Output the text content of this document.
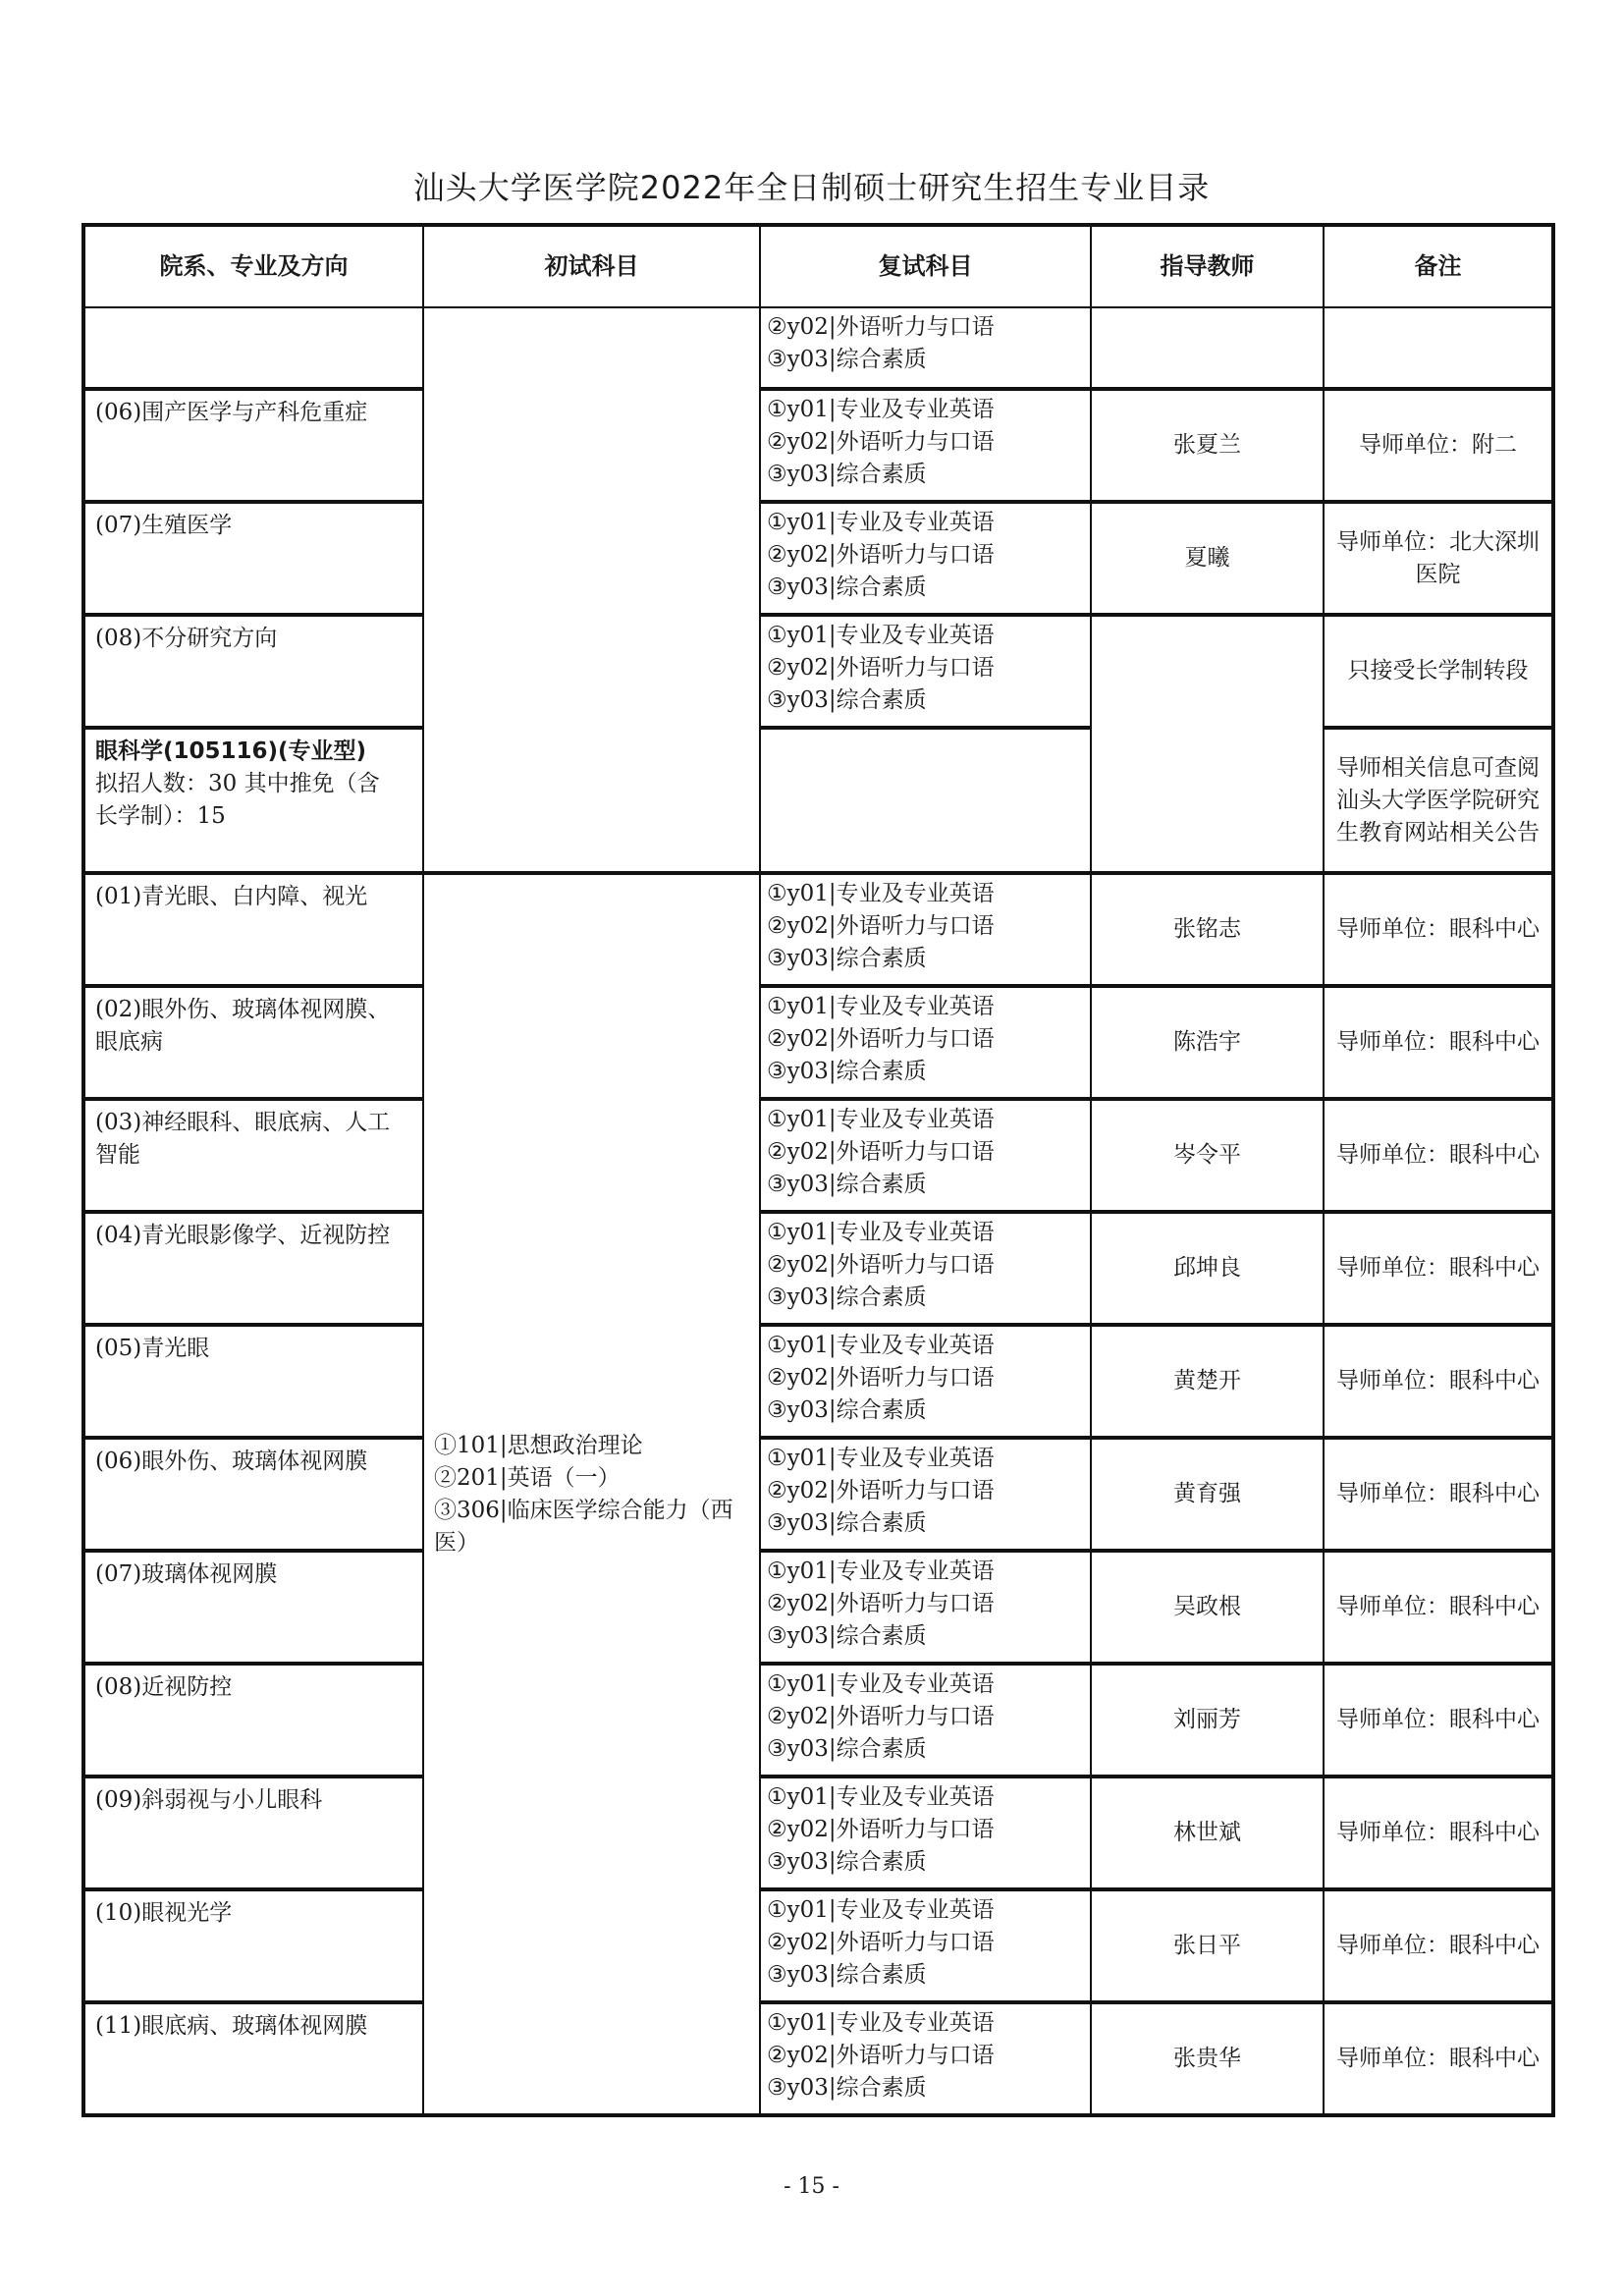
汕头大学医学院2022年全日制硕士研究生招生专业目录
院系、专业及方向	初试科目	复试科目	指导教师	备注

		②y02|外语听力与口语
③y03|综合素质		

(06)围产医学与产科危重症		①y01|专业及专业英语
②y02|外语听力与口语
③y03|综合素质	张夏兰	导师单位：附二
(07)生殖医学		①y01|专业及专业英语
②y02|外语听力与口语
③y03|综合素质	夏曦	导师单位：北大深圳医院
(08)不分研究方向		①y01|专业及专业英语
②y02|外语听力与口语
③y03|综合素质		只接受长学制转段

眼科学(105116)(专业型)
拟招人数：30 其中推免（含
长学制）：15				导师相关信息可查阅汕头大学医学院研究生教育网站相关公告
(01)青光眼、白内障、视光	①101|思想政治理论
②201|英语（一）
③306|临床医学综合能力（西医）	①y01|专业及专业英语
②y02|外语听力与口语
③y03|综合素质	张铭志	导师单位：眼科中心
(02)眼外伤、玻璃体视网膜、眼底病		①y01|专业及专业英语
②y02|外语听力与口语
③y03|综合素质	陈浩宇	导师单位：眼科中心
(03)神经眼科、眼底病、人工智能		①y01|专业及专业英语
②y02|外语听力与口语
③y03|综合素质	岑令平	导师单位：眼科中心
(04)青光眼影像学、近视防控		①y01|专业及专业英语
②y02|外语听力与口语
③y03|综合素质	邱坤良	导师单位：眼科中心
(05)青光眼		①y01|专业及专业英语
②y02|外语听力与口语
③y03|综合素质	黄楚开	导师单位：眼科中心
(06)眼外伤、玻璃体视网膜		①y01|专业及专业英语
②y02|外语听力与口语
③y03|综合素质	黄育强	导师单位：眼科中心
(07)玻璃体视网膜		①y01|专业及专业英语
②y02|外语听力与口语
③y03|综合素质	吴政根	导师单位：眼科中心
(08)近视防控		①y01|专业及专业英语
②y02|外语听力与口语
③y03|综合素质	刘丽芳	导师单位：眼科中心
(09)斜弱视与小儿眼科		①y01|专业及专业英语
②y02|外语听力与口语
③y03|综合素质	林世斌	导师单位：眼科中心
(10)眼视光学		①y01|专业及专业英语
②y02|外语听力与口语
③y03|综合素质	张日平	导师单位：眼科中心
(11)眼底病、玻璃体视网膜		①y01|专业及专业英语
②y02|外语听力与口语
③y03|综合素质	张贵华	导师单位：眼科中心
- 15 -
